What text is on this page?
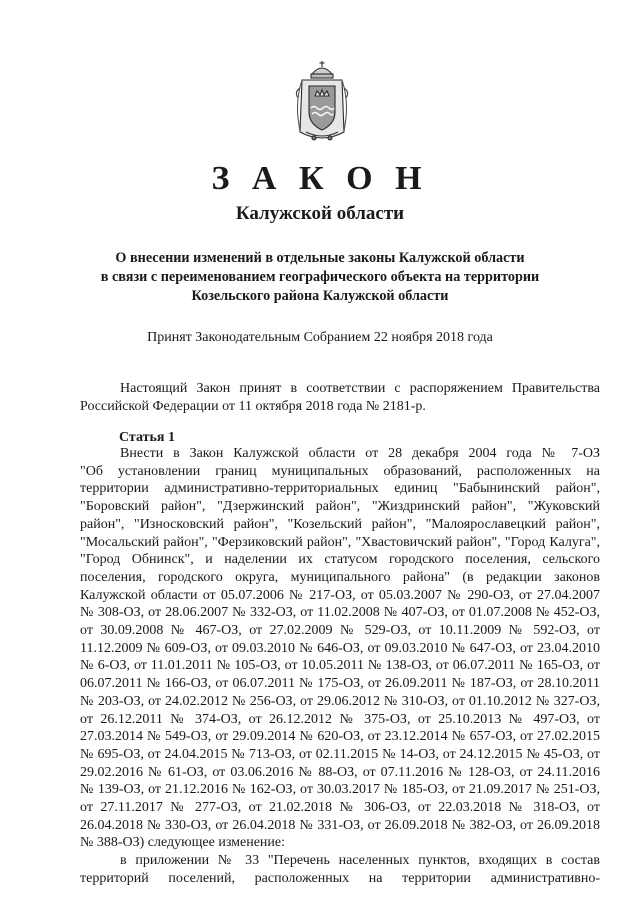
З А К О Н
Калужской области
О внесении изменений в отдельные законы Калужской области
в связи с переименованием географического объекта на территории
Козельского района Калужской области
Принят Законодательным Собранием 22 ноября 2018 года
Настоящий Закон принят в соответствии с распоряжением Правительства
Российской Федерации от 11 октября 2018 года № 2181-р.
Статья 1
Внести в Закон Калужской области от 28 декабря 2004 года № 7-ОЗ
"Об установлении границ муниципальных образований, расположенных на
территории административно-территориальных единиц "Бабынинский район",
"Боровский район", "Дзержинский район", "Жиздринский район", "Жуковский
район", "Износковский район", "Козельский район", "Малоярославецкий район",
"Мосальский район", "Ферзиковский район", "Хвастовичский район", "Город Калуга",
"Город Обнинск", и наделении их статусом городского поселения, сельского
поселения, городского округа, муниципального района" (в редакции законов
Калужской области от 05.07.2006 № 217-ОЗ, от 05.03.2007 № 290-ОЗ, от 27.04.2007
№ 308-ОЗ, от 28.06.2007 № 332-ОЗ, от 11.02.2008 № 407-ОЗ, от 01.07.2008 № 452-ОЗ,
от 30.09.2008 № 467-ОЗ, от 27.02.2009 № 529-ОЗ, от 10.11.2009 № 592-ОЗ, от
11.12.2009 № 609-ОЗ, от 09.03.2010 № 646-ОЗ, от 09.03.2010 № 647-ОЗ, от 23.04.2010
№ 6-ОЗ, от 11.01.2011 № 105-ОЗ, от 10.05.2011 № 138-ОЗ, от 06.07.2011 № 165-ОЗ, от
06.07.2011 № 166-ОЗ, от 06.07.2011 № 175-ОЗ, от 26.09.2011 № 187-ОЗ, от 28.10.2011
№ 203-ОЗ, от 24.02.2012 № 256-ОЗ, от 29.06.2012 № 310-ОЗ, от 01.10.2012 № 327-ОЗ,
от 26.12.2011 № 374-ОЗ, от 26.12.2012 № 375-ОЗ, от 25.10.2013 № 497-ОЗ, от
27.03.2014 № 549-ОЗ, от 29.09.2014 № 620-ОЗ, от 23.12.2014 № 657-ОЗ, от 27.02.2015
№ 695-ОЗ, от 24.04.2015 № 713-ОЗ, от 02.11.2015 № 14-ОЗ, от 24.12.2015 № 45-ОЗ, от
29.02.2016 № 61-ОЗ, от 03.06.2016 № 88-ОЗ, от 07.11.2016 № 128-ОЗ, от 24.11.2016
№ 139-ОЗ, от 21.12.2016 № 162-ОЗ, от 30.03.2017 № 185-ОЗ, от 21.09.2017 № 251-ОЗ,
от 27.11.2017 № 277-ОЗ, от 21.02.2018 № 306-ОЗ, от 22.03.2018 № 318-ОЗ, от
26.04.2018 № 330-ОЗ, от 26.04.2018 № 331-ОЗ, от 26.09.2018 № 382-ОЗ, от 26.09.2018
№ 388-ОЗ) следующее изменение:
в приложении № 33 "Перечень населенных пунктов, входящих в состав
территорий поселений, расположенных на территории административно-
